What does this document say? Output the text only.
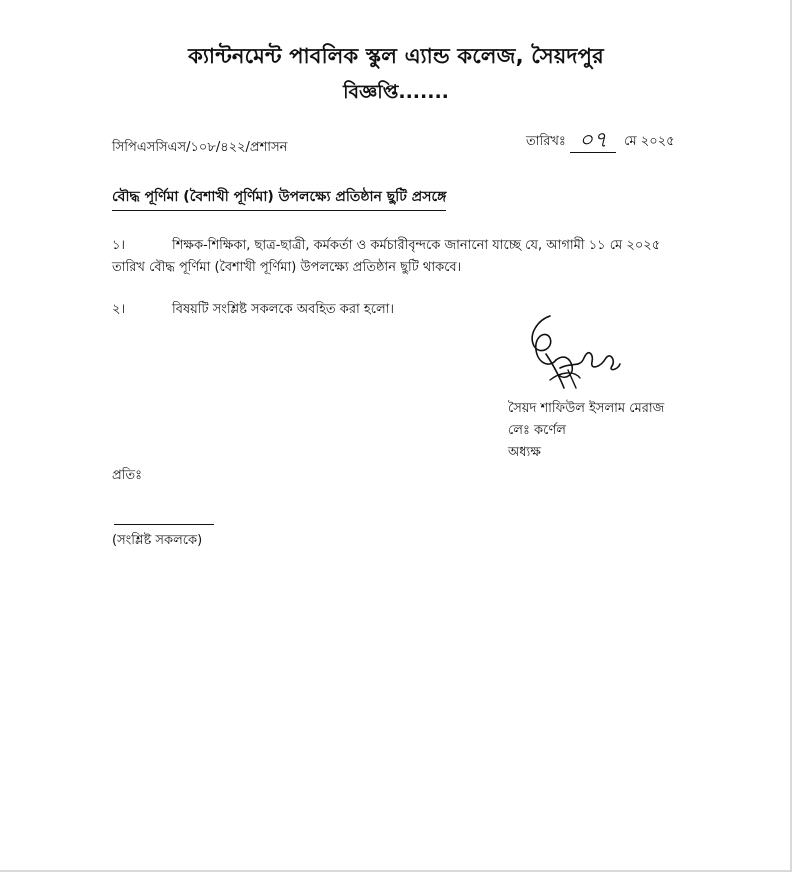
ক্যান্টনমেন্ট পাবলিক স্কুল এ্যান্ড কলেজ, সৈয়দপুর
বিজ্ঞপ্তি.......
সিপিএসসিএস/১০৮/৪২২/প্রশাসন	তারিখঃ ০৭ মে ২০২৫
বৌদ্ধ পূর্ণিমা (বৈশাখী পূর্ণিমা) উপলক্ষ্যে প্রতিষ্ঠান ছুটি প্রসঙ্গে
১।	শিক্ষক-শিক্ষিকা, ছাত্র-ছাত্রী, কর্মকর্তা ও কর্মচারীবৃন্দকে জানানো যাচ্ছে যে, আগামী ১১ মে ২০২৫
তারিখ বৌদ্ধ পূর্ণিমা (বৈশাখী পূর্ণিমা) উপলক্ষ্যে প্রতিষ্ঠান ছুটি থাকবে।
২।	বিষয়টি সংশ্লিষ্ট সকলকে অবহিত করা হলো।
সৈয়দ শাফিউল ইসলাম মেরাজ
লেঃ কর্ণেল
অধ্যক্ষ
প্রতিঃ
(সংশ্লিষ্ট সকলকে)
